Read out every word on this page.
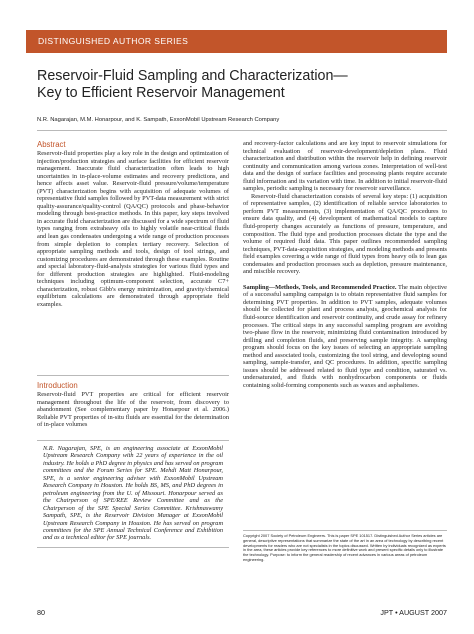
DISTINGUISHED AUTHOR SERIES
Reservoir-Fluid Sampling and Characterization—
Key to Efficient Reservoir Management
N.R. Nagarajan, M.M. Honarpour, and K. Sampath, ExxonMobil Upstream Research Company
Abstract
Reservoir-fluid properties play a key role in the design and optimization of injection/production strategies and surface facilities for efficient reservoir management. Inaccurate fluid characterization often leads to high uncertainties in in-place-volume estimates and recovery predictions, and hence affects asset value. Reservoir-fluid pressure/volume/temperature (PVT) characterization begins with acquisition of adequate volumes of representative fluid samples followed by PVT-data measurement with strict quality-assurance/quality-control (QA/QC) protocols and phase-behavior modeling through best-practice methods. In this paper, key steps involved in accurate fluid characterization are discussed for a wide spectrum of fluid types ranging from extraheavy oils to highly volatile near-critical fluids and lean gas condensates undergoing a wide range of production processes from simple depletion to complex tertiary recovery. Selection of appropriate sampling methods and tools, design of tool strings, and customizing procedures are demonstrated through these examples. Routine and special laboratory-fluid-analysis strategies for various fluid types and for different production strategies are highlighted. Fluid-modeling techniques including optimum-component selection, accurate C7+ characterization, robust Gibb's energy minimization, and gravity/chemical equilibrium calculations are demonstrated through appropriate field examples.
Introduction
Reservoir-fluid PVT properties are critical for efficient reservoir management throughout the life of the reservoir, from discovery to abandonment (See complementary paper by Honarpour et al. 2006.) Reliable PVT properties of in-situ fluids are essential for the determination of in-place volumes
N.R. Nagarajan, SPE, is an engineering associate at ExxonMobil Upstream Research Company with 22 years of experience in the oil industry. He holds a PhD degree in physics and has served on program committees and the Forum Series for SPE. Mehdi Matt Honarpour, SPE, is a senior engineering adviser with ExxonMobil Upstream Research Company in Houston. He holds BS, MS, and PhD degrees in petroleum engineering from the U. of Missouri. Honarpour served as the Chairperson of SPE/REE Review Committee and as the Chairperson of the SPE Special Series Committee. Krishnaswamy Sampath, SPE, is the Reservoir Division Manager at ExxonMobil Upstream Research Company in Houston. He has served on program committees for the SPE Annual Technical Conference and Exhibition and as a technical editor for SPE journals.

and recovery-factor calculations and are key input to reservoir simulations for technical evaluation of reservoir-development/depletion plans. Fluid characterization and distribution within the reservoir help in defining reservoir continuity and communication among various zones. Interpretation of well-test data and the design of surface facilities and processing plants require accurate fluid information and its variation with time. In addition to initial reservoir-fluid samples, periodic sampling is necessary for reservoir surveillance.

Reservoir-fluid characterization consists of several key steps: (1) acquisition of representative samples, (2) identification of reliable service laboratories to perform PVT measurements, (3) implementation of QA/QC procedures to ensure data quality, and (4) development of mathematical models to capture fluid-property changes accurately as functions of pressure, temperature, and composition. The fluid type and production processes dictate the type and the volume of required fluid data. This paper outlines recommended sampling techniques, PVT-data-acquisition strategies, and modeling methods and presents field examples covering a wide range of fluid types from heavy oils to lean gas condensates and production processes such as depletion, pressure maintenance, and miscible recovery.

Sampling—Methods, Tools, and Recommended Practice. The main objective of a successful sampling campaign is to obtain representative fluid samples for determining PVT properties. In addition to PVT samples, adequate volumes should be collected for plant and process analysis, geochemical analysis for fluid-source identification and reservoir continuity, and crude assay for refinery processes. The critical steps in any successful sampling program are avoiding two-phase flow in the reservoir, minimizing fluid contamination introduced by drilling and completion fluids, and preserving sample integrity. A sampling program should focus on the key issues of selecting an appropriate sampling method and associated tools, customizing the tool string, and developing sound sampling, sample-transfer, and QC procedures. In addition, specific sampling issues should be addressed related to fluid type and condition, saturated vs. undersaturated, and fluids with nonhydrocarbon components or fluids containing solid-forming components such as waxes and asphaltenes.

Copyright 2007 Society of Petroleum Engineers. This is paper SPE 101517. Distinguished Author Series articles are general, descriptive representations that summarize the state of the art in an area of technology by describing recent developments for readers who are not specialists in the topics discussed. Written by individuals recognized as experts in the area, these articles provide key references to more definitive work and present specific details only to illustrate the technology. Purpose: to inform the general readership of recent advances in various areas of petroleum engineering.
80	JPT • AUGUST 2007
